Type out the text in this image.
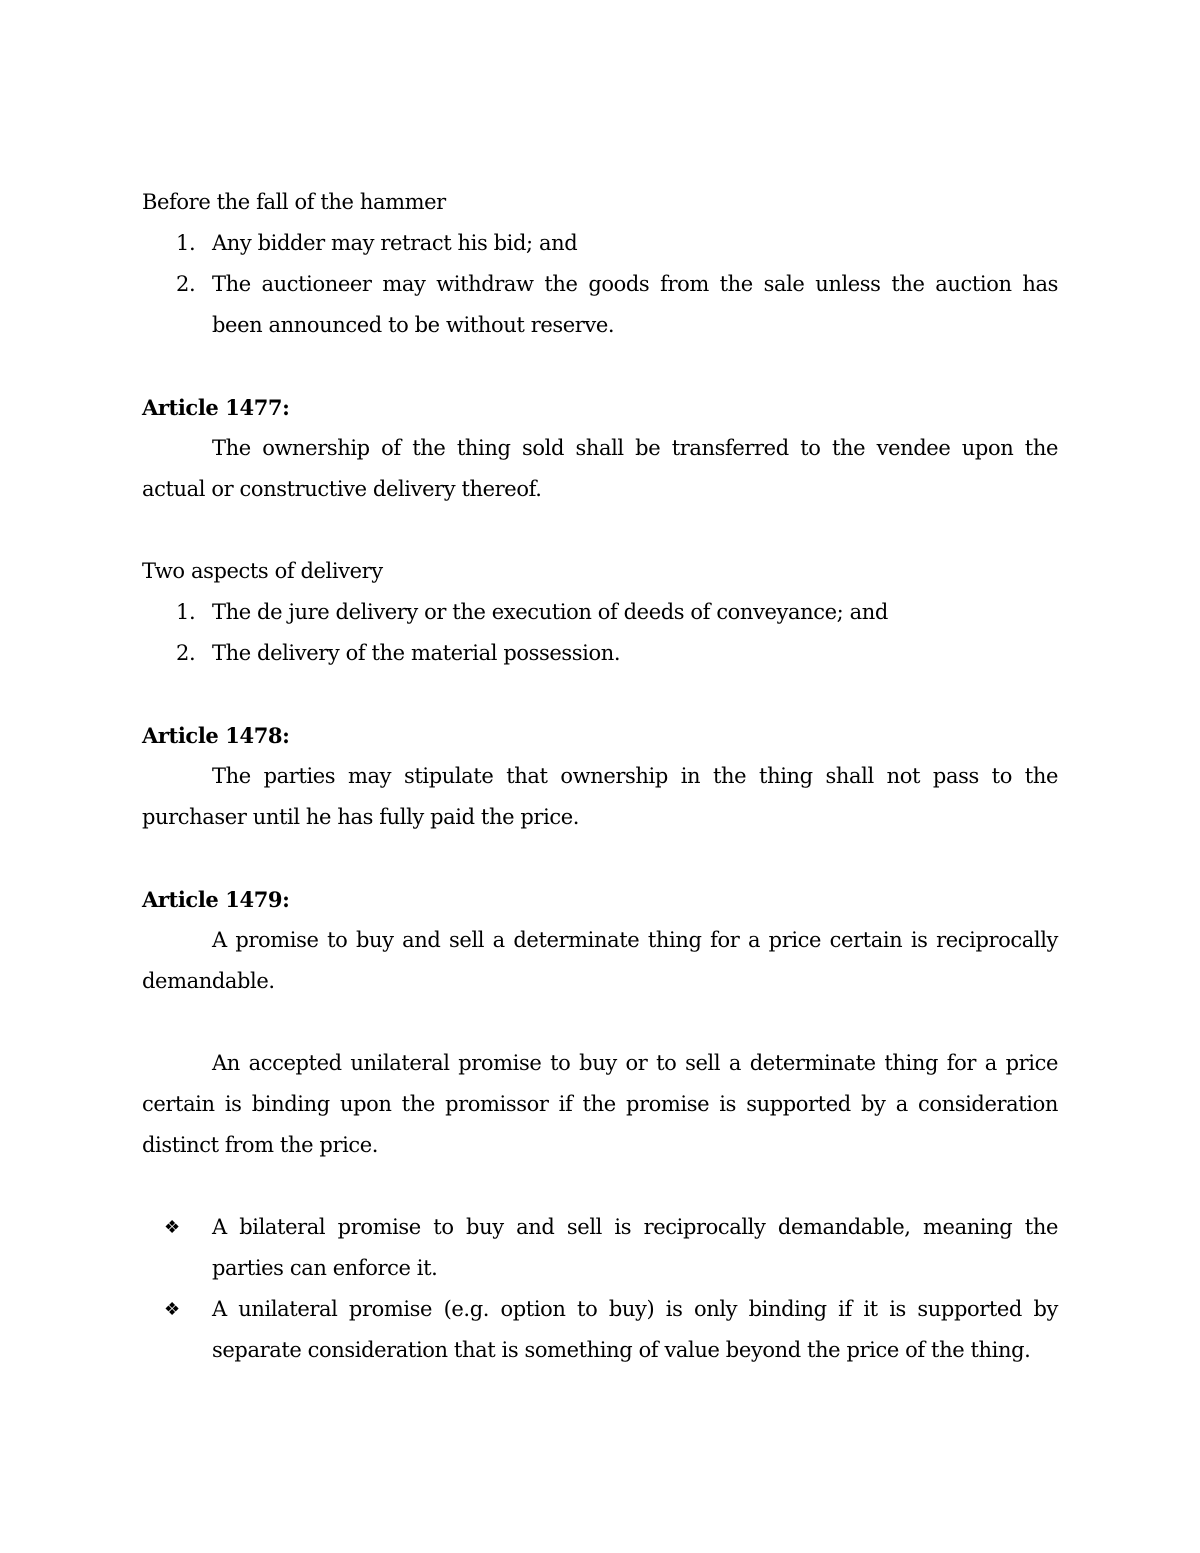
Before the fall of the hammer

1. Any bidder may retract his bid; and
2. The auctioneer may withdraw the goods from the sale unless the auction has been announced to be without reserve.

Article 1477:

The ownership of the thing sold shall be transferred to the vendee upon the actual or constructive delivery thereof.

Two aspects of delivery

1. The de jure delivery or the execution of deeds of conveyance; and
2. The delivery of the material possession.

Article 1478:

The parties may stipulate that ownership in the thing shall not pass to the purchaser until he has fully paid the price.

Article 1479:

A promise to buy and sell a determinate thing for a price certain is reciprocally demandable.

An accepted unilateral promise to buy or to sell a determinate thing for a price certain is binding upon the promissor if the promise is supported by a consideration distinct from the price.

❖ A bilateral promise to buy and sell is reciprocally demandable, meaning the parties can enforce it.
❖ A unilateral promise (e.g. option to buy) is only binding if it is supported by separate consideration that is something of value beyond the price of the thing.
